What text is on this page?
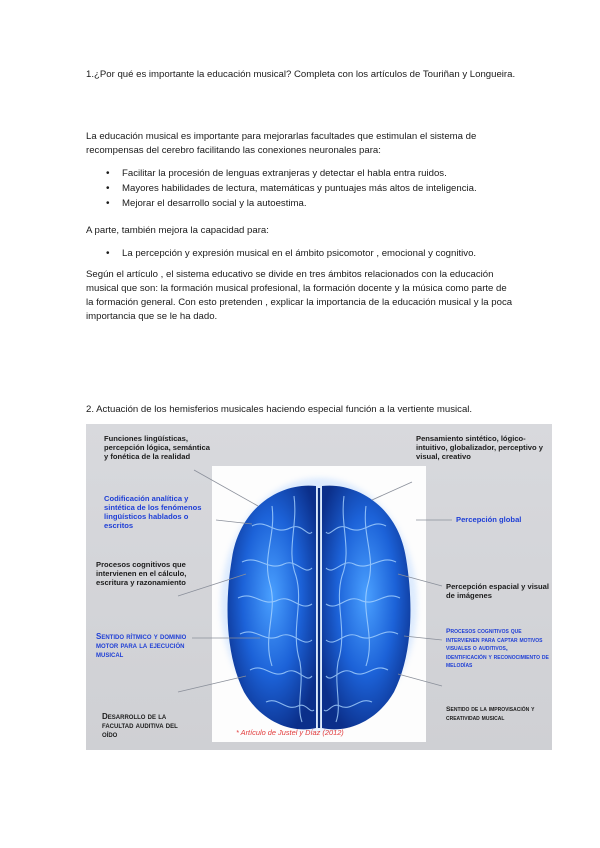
1.¿Por qué es importante la educación musical? Completa con los artículos de Touriñan y Longueira.

La educación musical es importante para mejorarlas facultades que estimulan el sistema de recompensas del cerebro facilitando las conexiones neuronales para:

• Facilitar la procesión de lenguas extranjeras y detectar el habla entra ruidos.
• Mayores habilidades de lectura, matemáticas y puntuajes más altos de inteligencia.
• Mejorar el desarrollo social y la autoestima.

A parte, también mejora la capacidad para:

• La percepción y expresión musical en el ámbito psicomotor , emocional y cognitivo.

Según el artículo , el sistema educativo se divide en tres ámbitos relacionados con la educación musical que son: la formación musical profesional, la formación docente y la música como parte de la formación general. Con esto pretenden , explicar la importancia de la educación musical y la poca importancia que se le ha dado.

2. Actuación de los hemisferios musicales haciendo especial función a la vertiente musical.

Funciones lingüísticas, percepción lógica, semántica y fonética de la realidad
Codificación analítica y sintética de los fenómenos lingüísticos hablados o escritos
Procesos cognitivos que intervienen en el cálculo, escritura y razonamiento
Sentido rítmico y dominio motor para la ejecución musical
Desarrollo de la facultad auditiva del oído
Pensamiento sintético, lógico-intuitivo, globalizador, perceptivo y visual, creativo
Percepción global
Percepción espacial y visual de imágenes
Procesos cognitivos que intervienen para captar motivos visuales o auditivos, identificación y reconocimiento de melodías
Sentido de la improvisación y creatividad musical
* Artículo de Justel y Díaz (2012)
